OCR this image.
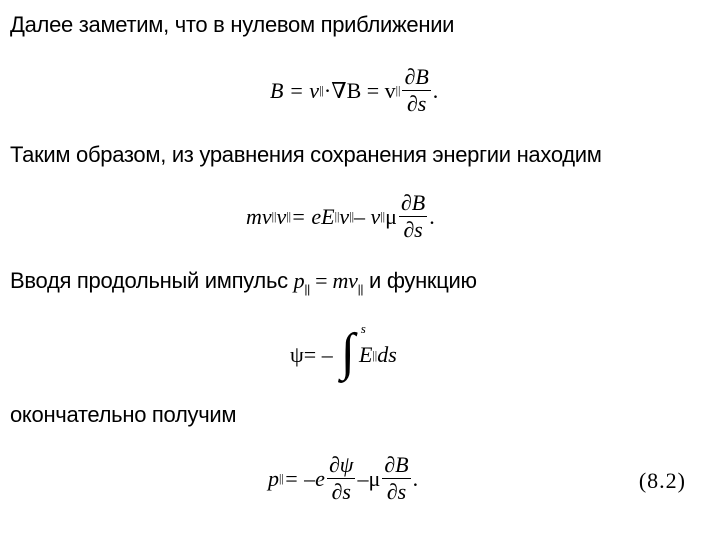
Далее заметим, что в нулевом приближении
B = v || ·∇B = v || $\frac{\partial B}{\partial s}$ .
Таким образом, из уравнения сохранения энергии находим
mv || v || = eE || v || – v || μ $\frac{\partial B}{\partial s}$ .
Вводя продольный импульс $p_{||} = mv_{||}$ и функцию
ψ = –
s
∫ E || ds
окончательно получим
p || = $-e \frac{\partial\psi}{\partial s}$ – μ $\frac{\partial B}{\partial s}$ .	(8.2)
